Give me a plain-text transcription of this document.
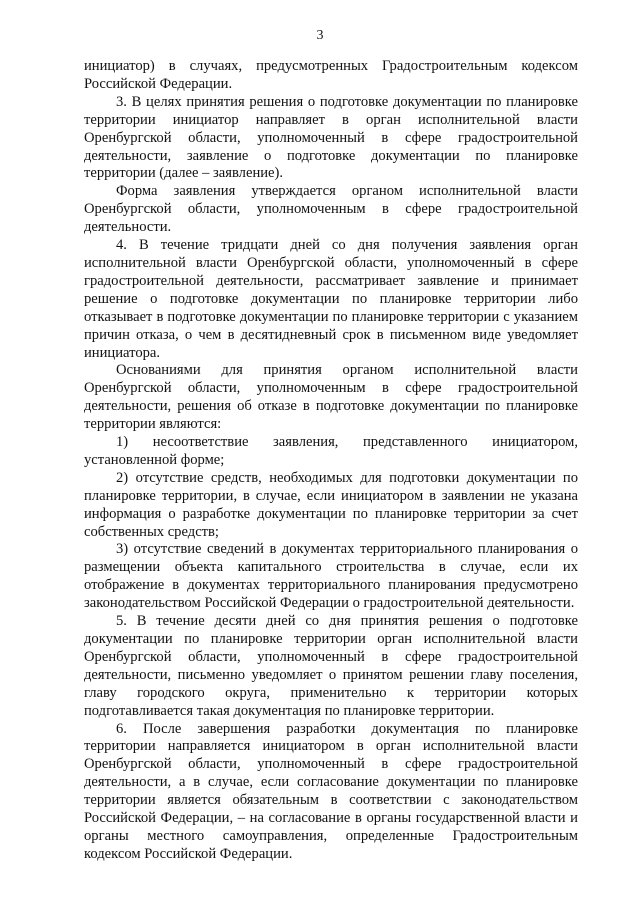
3

инициатор) в случаях, предусмотренных Градостроительным кодексом Российской Федерации.

3. В целях принятия решения о подготовке документации по планировке территории инициатор направляет в орган исполнительной власти Оренбургской области, уполномоченный в сфере градостроительной деятельности, заявление о подготовке документации по планировке территории (далее – заявление).

Форма заявления утверждается органом исполнительной власти Оренбургской области, уполномоченным в сфере градостроительной деятельности.

4. В течение тридцати дней со дня получения заявления орган исполнительной власти Оренбургской области, уполномоченный в сфере градостроительной деятельности, рассматривает заявление и принимает решение о подготовке документации по планировке территории либо отказывает в подготовке документации по планировке территории с указанием причин отказа, о чем в десятидневный срок в письменном виде уведомляет инициатора.

Основаниями для принятия органом исполнительной власти Оренбургской области, уполномоченным в сфере градостроительной деятельности, решения об отказе в подготовке документации по планировке территории являются:

1) несоответствие заявления, представленного инициатором, установленной форме;

2) отсутствие средств, необходимых для подготовки документации по планировке территории, в случае, если инициатором в заявлении не указана информация о разработке документации по планировке территории за счет собственных средств;

3) отсутствие сведений в документах территориального планирования о размещении объекта капитального строительства в случае, если их отображение в документах территориального планирования предусмотрено законодательством Российской Федерации о градостроительной деятельности.

5. В течение десяти дней со дня принятия решения о подготовке документации по планировке территории орган исполнительной власти Оренбургской области, уполномоченный в сфере градостроительной деятельности, письменно уведомляет о принятом решении главу поселения, главу городского округа, применительно к территории которых подготавливается такая документация по планировке территории.

6. После завершения разработки документация по планировке территории направляется инициатором в орган исполнительной власти Оренбургской области, уполномоченный в сфере градостроительной деятельности, а в случае, если согласование документации по планировке территории является обязательным в соответствии с законодательством Российской Федерации, – на согласование в органы государственной власти и органы местного самоуправления, определенные Градостроительным кодексом Российской Федерации.
